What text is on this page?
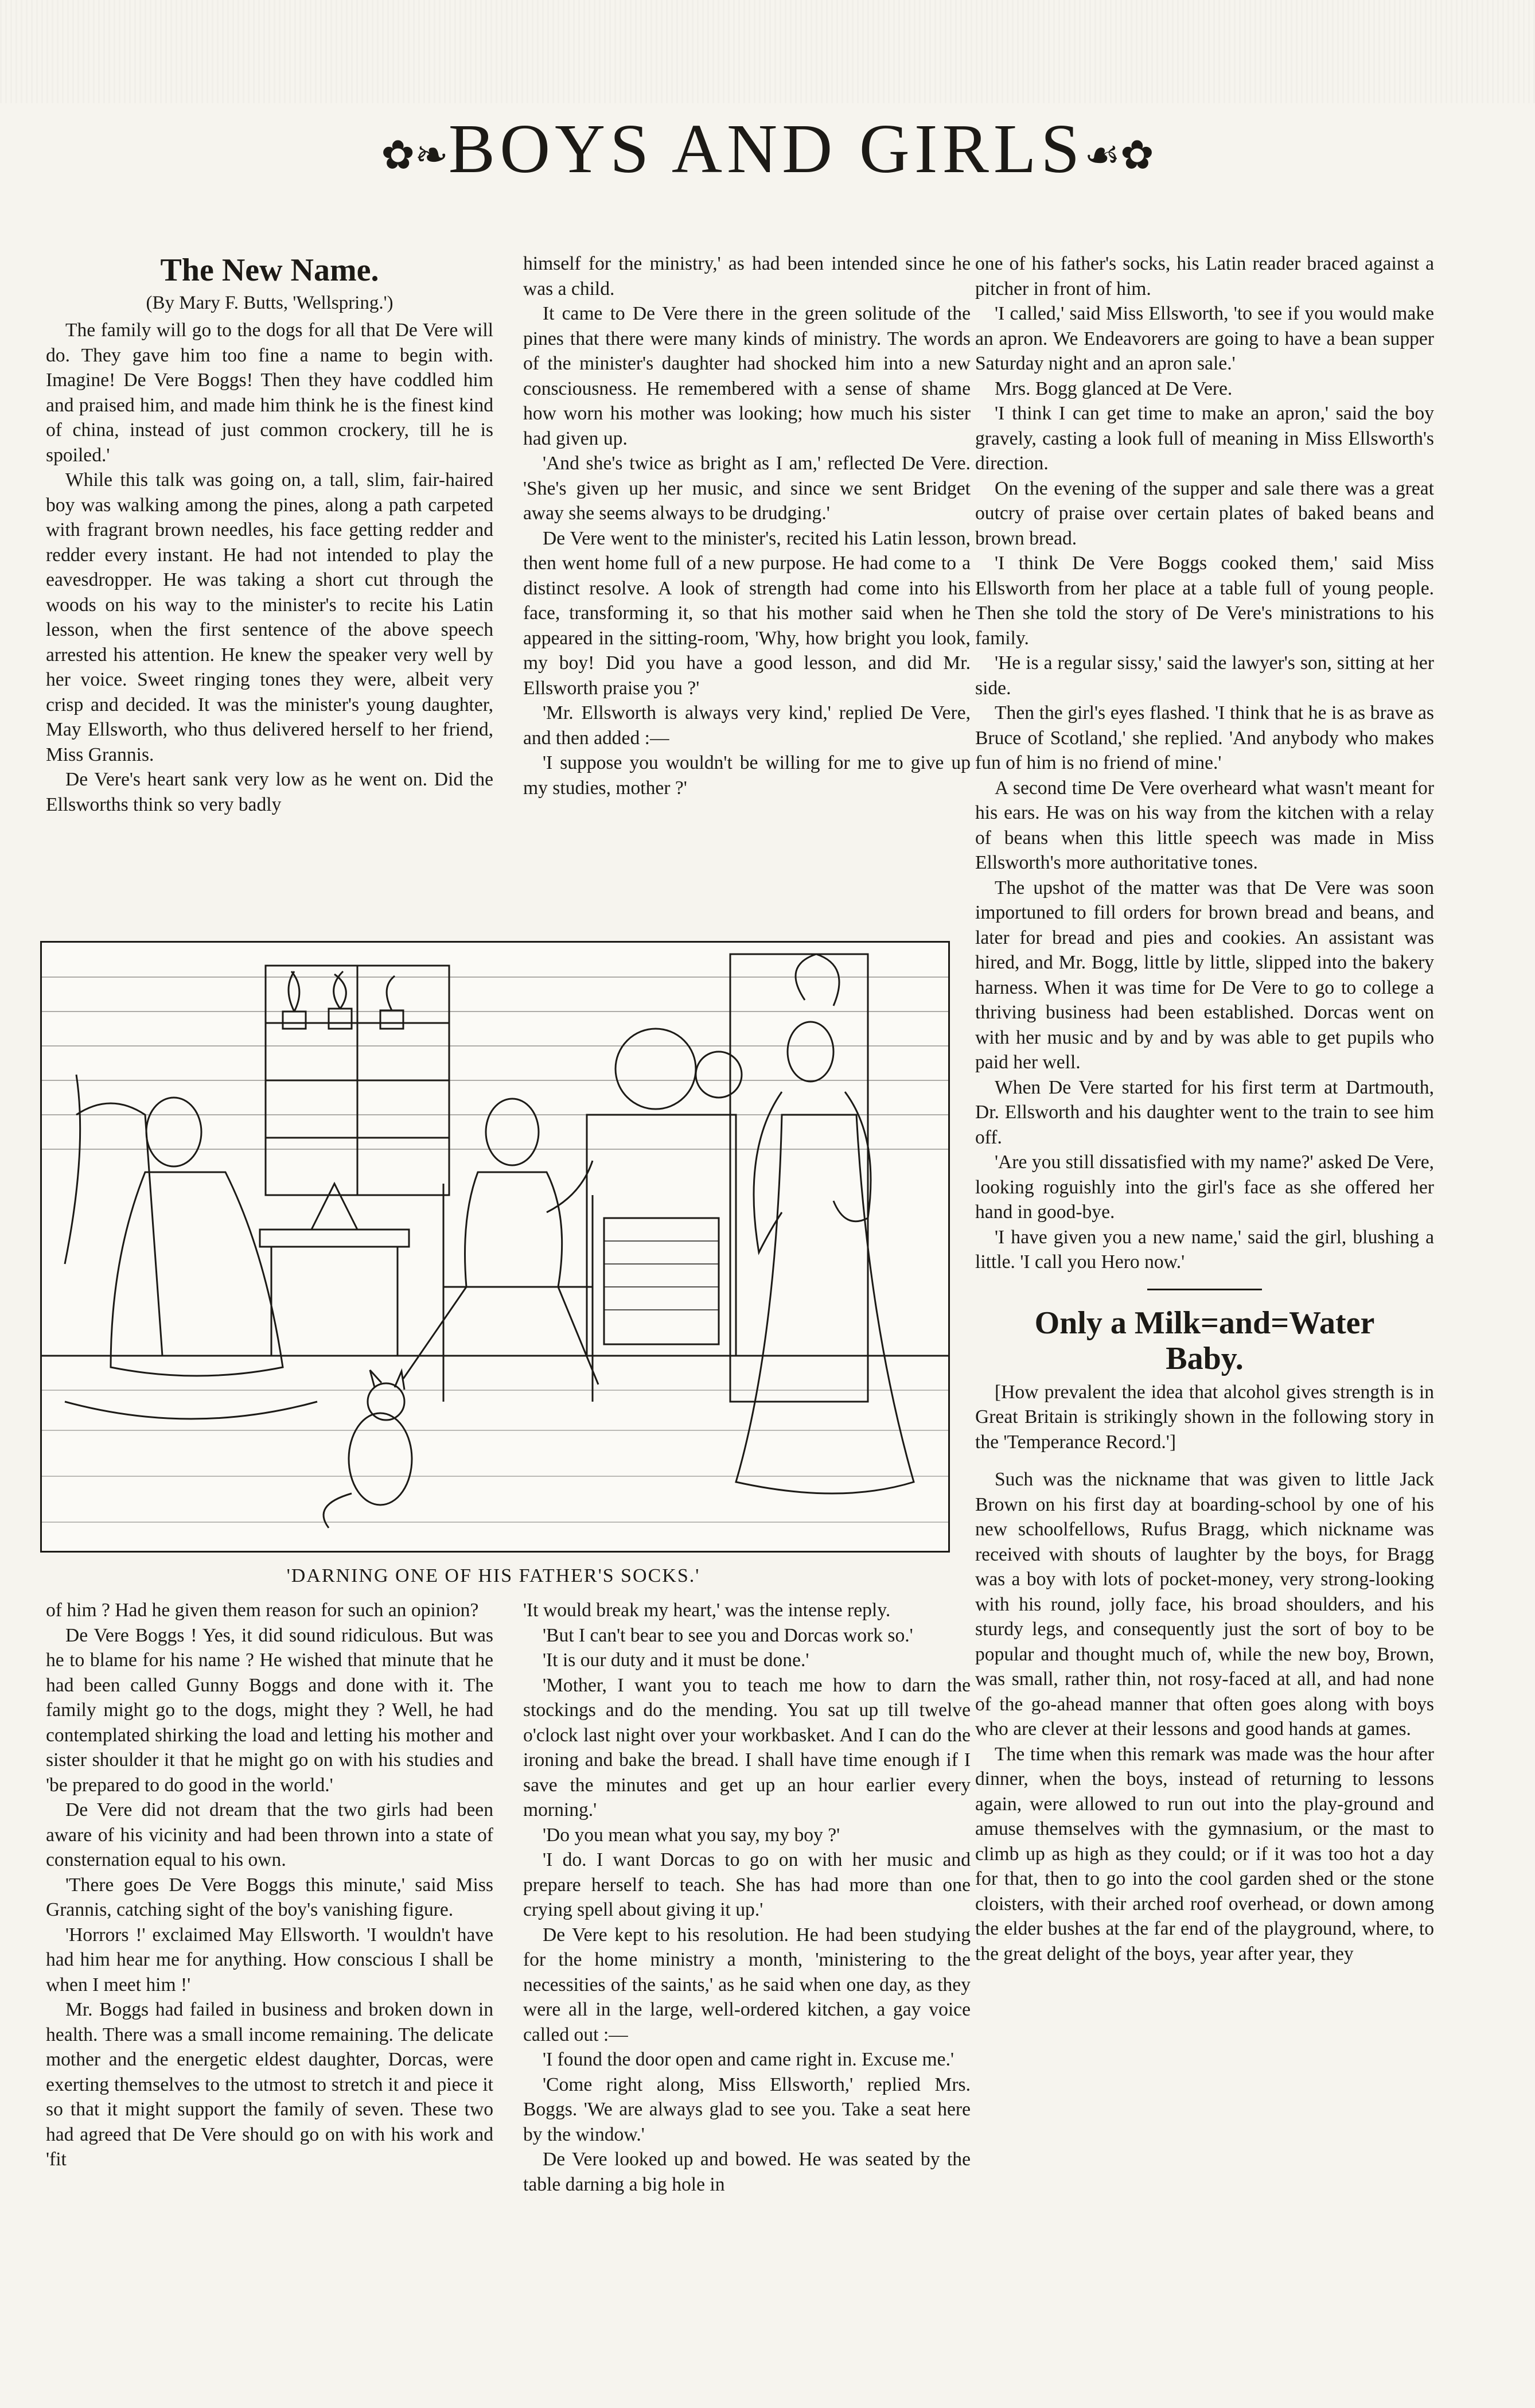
✿❧BOYS AND GIRLS☙✿
The New Name.
(By Mary F. Butts, 'Wellspring.')

The family will go to the dogs for all that De Vere will do. They gave him too fine a name to begin with. Imagine! De Vere Boggs! Then they have coddled him and praised him, and made him think he is the finest kind of china, instead of just common crockery, till he is spoiled.'

While this talk was going on, a tall, slim, fair-haired boy was walking among the pines, along a path carpeted with fragrant brown needles, his face getting redder and redder every instant. He had not intended to play the eavesdropper. He was taking a short cut through the woods on his way to the minister's to recite his Latin lesson, when the first sentence of the above speech arrested his attention. He knew the speaker very well by her voice. Sweet ringing tones they were, albeit very crisp and decided. It was the minister's young daughter, May Ellsworth, who thus delivered herself to her friend, Miss Grannis.

De Vere's heart sank very low as he went on. Did the Ellsworths think so very badly

himself for the ministry,' as had been intended since he was a child.

It came to De Vere there in the green solitude of the pines that there were many kinds of ministry. The words of the minister's daughter had shocked him into a new consciousness. He remembered with a sense of shame how worn his mother was looking; how much his sister had given up.

'And she's twice as bright as I am,' reflected De Vere. 'She's given up her music, and since we sent Bridget away she seems always to be drudging.'

De Vere went to the minister's, recited his Latin lesson, then went home full of a new purpose. He had come to a distinct resolve. A look of strength had come into his face, transforming it, so that his mother said when he appeared in the sitting-room, 'Why, how bright you look, my boy! Did you have a good lesson, and did Mr. Ellsworth praise you ?'

'Mr. Ellsworth is always very kind,' replied De Vere, and then added :—

'I suppose you wouldn't be willing for me to give up my studies, mother ?'

one of his father's socks, his Latin reader braced against a pitcher in front of him.

'I called,' said Miss Ellsworth, 'to see if you would make an apron. We Endeavorers are going to have a bean supper Saturday night and an apron sale.'

Mrs. Bogg glanced at De Vere.

'I think I can get time to make an apron,' said the boy gravely, casting a look full of meaning in Miss Ellsworth's direction.

On the evening of the supper and sale there was a great outcry of praise over certain plates of baked beans and brown bread.

'I think De Vere Boggs cooked them,' said Miss Ellsworth from her place at a table full of young people. Then she told the story of De Vere's ministrations to his family.

'He is a regular sissy,' said the lawyer's son, sitting at her side.

Then the girl's eyes flashed. 'I think that he is as brave as Bruce of Scotland,' she replied. 'And anybody who makes fun of him is no friend of mine.'

A second time De Vere overheard what wasn't meant for his ears. He was on his way from the kitchen with a relay of beans when this little speech was made in Miss Ellsworth's more authoritative tones.

The upshot of the matter was that De Vere was soon importuned to fill orders for brown bread and beans, and later for bread and pies and cookies. An assistant was hired, and Mr. Bogg, little by little, slipped into the bakery harness. When it was time for De Vere to go to college a thriving business had been established. Dorcas went on with her music and by and by was able to get pupils who paid her well.

When De Vere started for his first term at Dartmouth, Dr. Ellsworth and his daughter went to the train to see him off.

'Are you still dissatisfied with my name?' asked De Vere, looking roguishly into the girl's face as she offered her hand in good-bye.

'I have given you a new name,' said the girl, blushing a little. 'I call you Hero now.'

Only a Milk=and=Water
Baby.

[How prevalent the idea that alcohol gives strength is in Great Britain is strikingly shown in the following story in the 'Temperance Record.']

Such was the nickname that was given to little Jack Brown on his first day at boarding-school by one of his new schoolfellows, Rufus Bragg, which nickname was received with shouts of laughter by the boys, for Bragg was a boy with lots of pocket-money, very strong-looking with his round, jolly face, his broad shoulders, and his sturdy legs, and consequently just the sort of boy to be popular and thought much of, while the new boy, Brown, was small, rather thin, not rosy-faced at all, and had none of the go-ahead manner that often goes along with boys who are clever at their lessons and good hands at games.

The time when this remark was made was the hour after dinner, when the boys, instead of returning to lessons again, were allowed to run out into the play-ground and amuse themselves with the gymnasium, or the mast to climb up as high as they could; or if it was too hot a day for that, then to go into the cool garden shed or the stone cloisters, with their arched roof overhead, or down among the elder bushes at the far end of the playground, where, to the great delight of the boys, year after year, they

'DARNING ONE OF HIS FATHER'S SOCKS.'

of him ? Had he given them reason for such an opinion?

De Vere Boggs ! Yes, it did sound ridiculous. But was he to blame for his name ? He wished that minute that he had been called Gunny Boggs and done with it. The family might go to the dogs, might they ? Well, he had contemplated shirking the load and letting his mother and sister shoulder it that he might go on with his studies and 'be prepared to do good in the world.'

De Vere did not dream that the two girls had been aware of his vicinity and had been thrown into a state of consternation equal to his own.

'There goes De Vere Boggs this minute,' said Miss Grannis, catching sight of the boy's vanishing figure.

'Horrors !' exclaimed May Ellsworth. 'I wouldn't have had him hear me for anything. How conscious I shall be when I meet him !'

Mr. Boggs had failed in business and broken down in health. There was a small income remaining. The delicate mother and the energetic eldest daughter, Dorcas, were exerting themselves to the utmost to stretch it and piece it so that it might support the family of seven. These two had agreed that De Vere should go on with his work and 'fit

'It would break my heart,' was the intense reply.

'But I can't bear to see you and Dorcas work so.'

'It is our duty and it must be done.'

'Mother, I want you to teach me how to darn the stockings and do the mending. You sat up till twelve o'clock last night over your workbasket. And I can do the ironing and bake the bread. I shall have time enough if I save the minutes and get up an hour earlier every morning.'

'Do you mean what you say, my boy ?'

'I do. I want Dorcas to go on with her music and prepare herself to teach. She has had more than one crying spell about giving it up.'

De Vere kept to his resolution. He had been studying for the home ministry a month, 'ministering to the necessities of the saints,' as he said when one day, as they were all in the large, well-ordered kitchen, a gay voice called out :—

'I found the door open and came right in. Excuse me.'

'Come right along, Miss Ellsworth,' replied Mrs. Boggs. 'We are always glad to see you. Take a seat here by the window.'

De Vere looked up and bowed. He was seated by the table darning a big hole in
